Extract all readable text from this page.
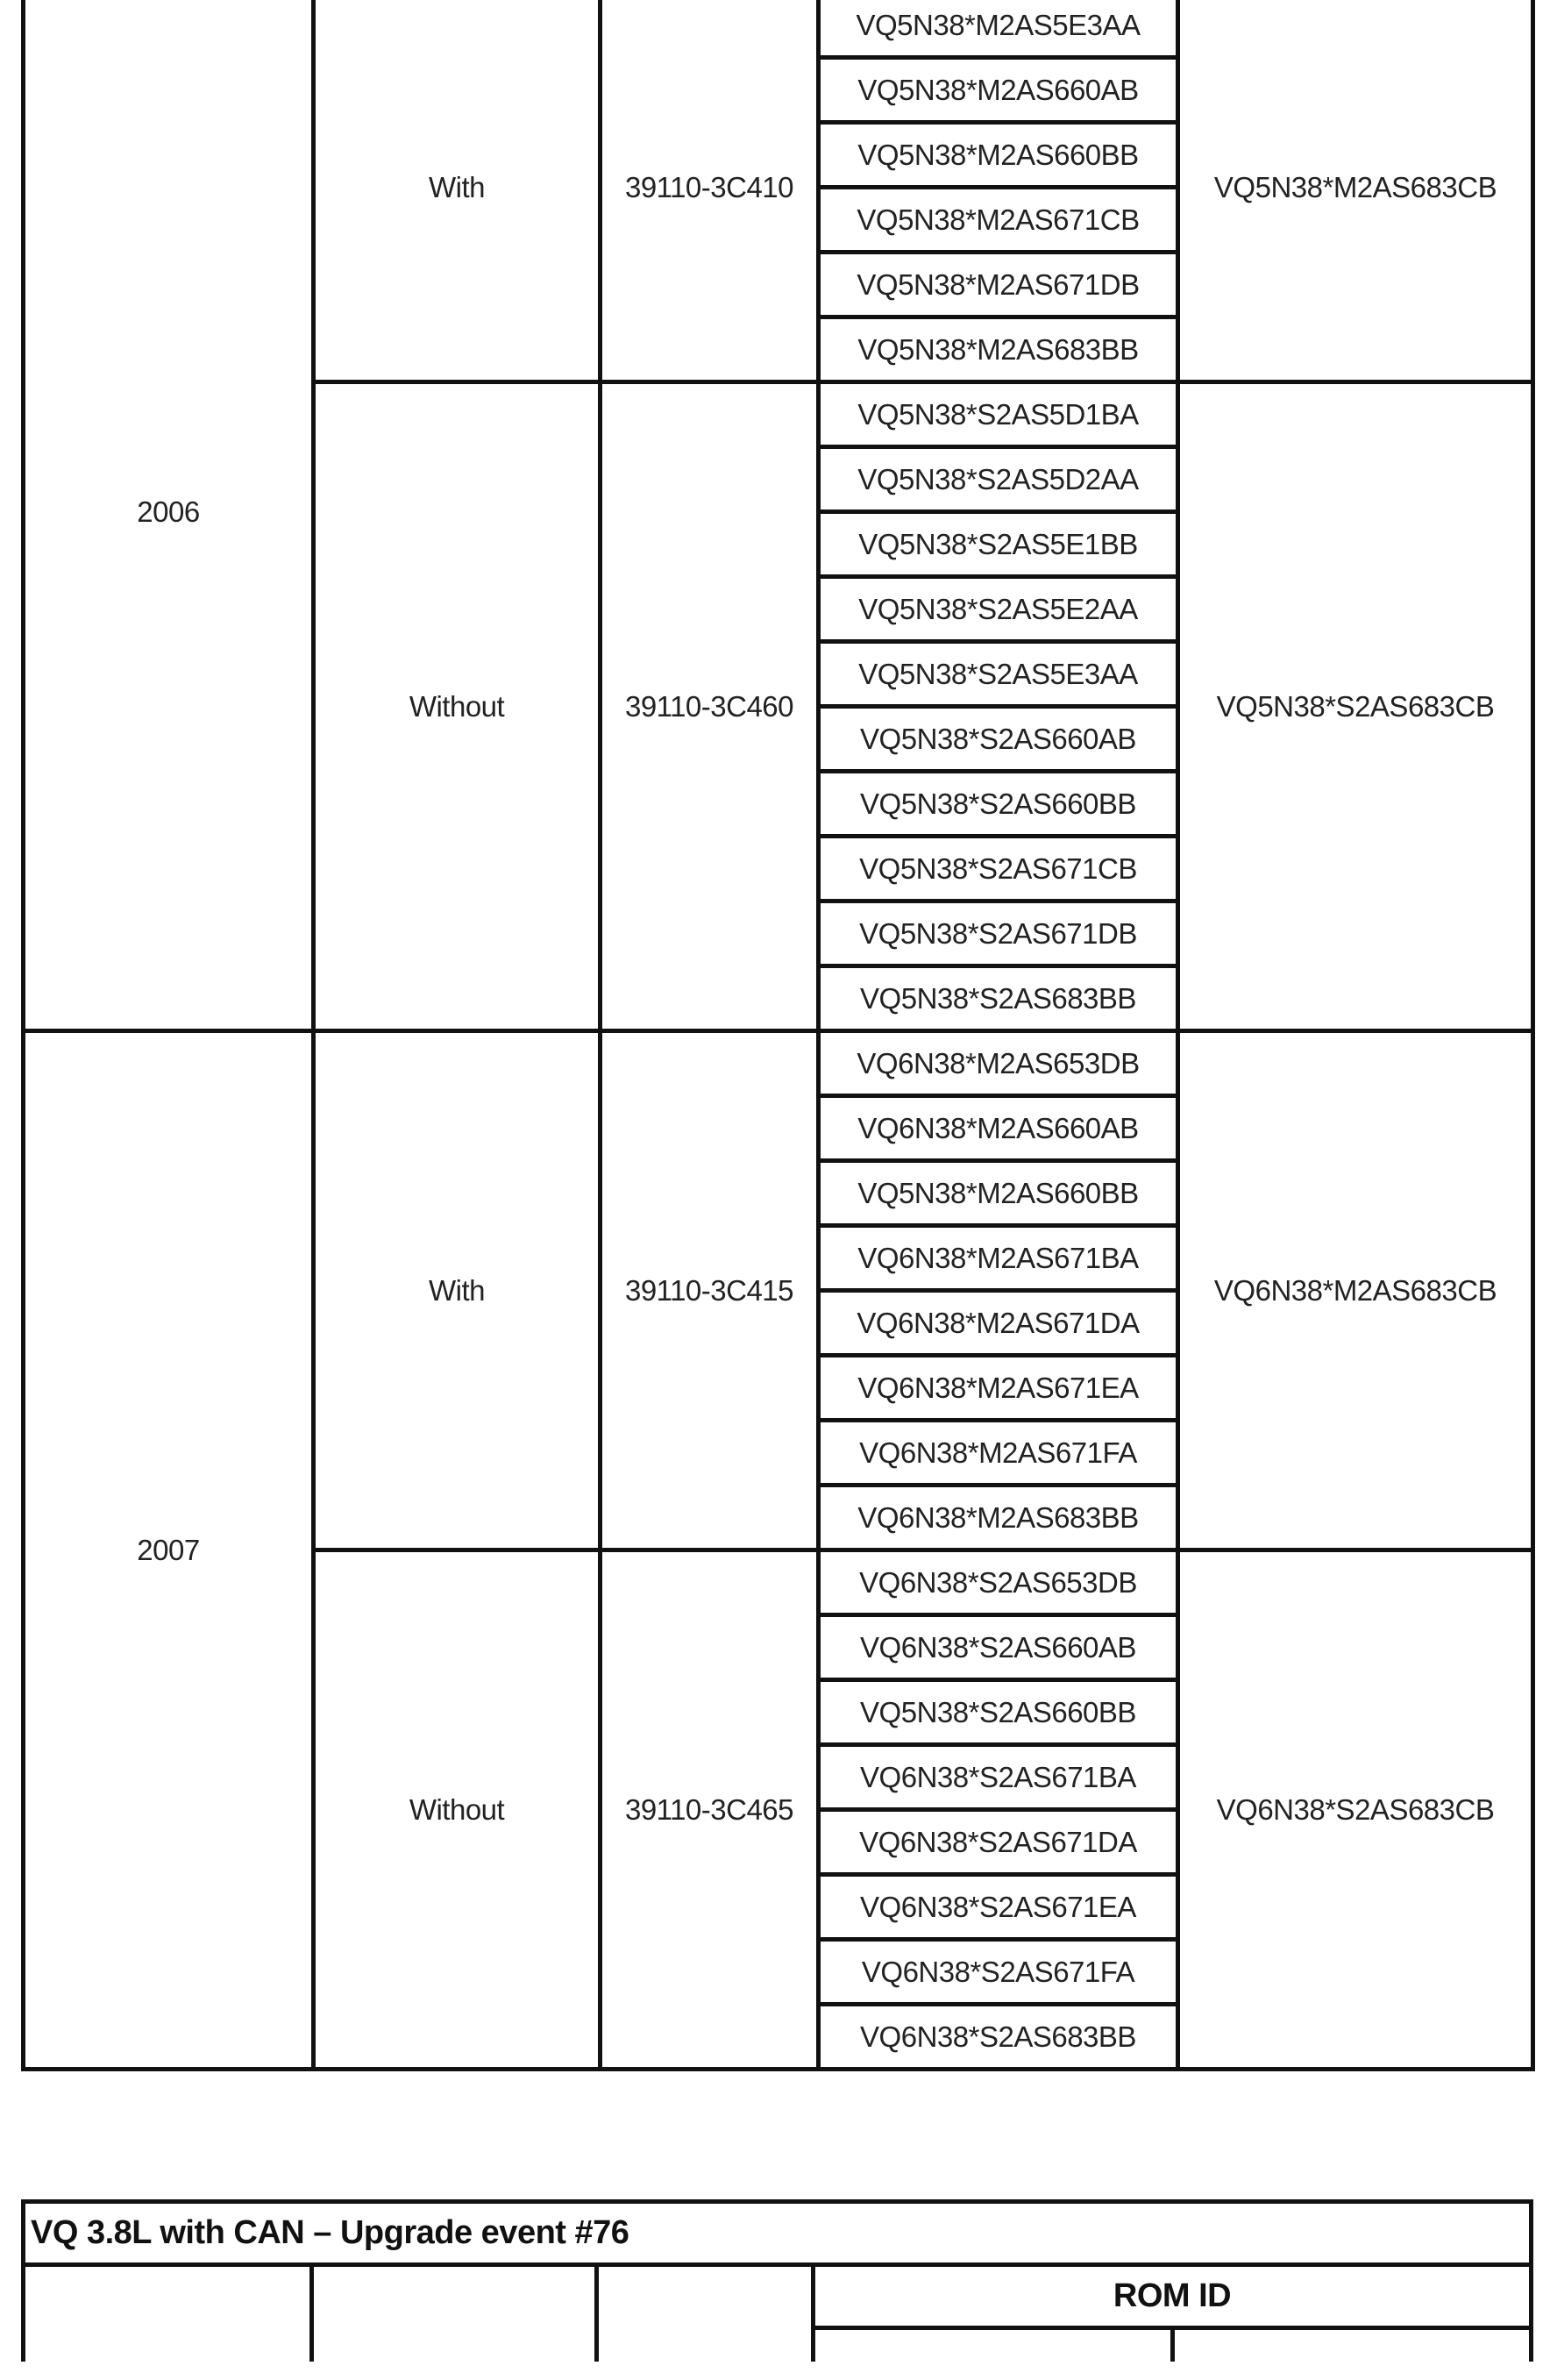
2006	With	39110-3C410	VQ5N38*M2AS5E3AA	VQ5N38*M2AS683CB
			VQ5N38*M2AS660AB	
			VQ5N38*M2AS660BB	
			VQ5N38*M2AS671CB	
			VQ5N38*M2AS671DB	
			VQ5N38*M2AS683BB	
	Without	39110-3C460	VQ5N38*S2AS5D1BA	VQ5N38*S2AS683CB
			VQ5N38*S2AS5D2AA	
			VQ5N38*S2AS5E1BB	
			VQ5N38*S2AS5E2AA	
			VQ5N38*S2AS5E3AA	
			VQ5N38*S2AS660AB	
			VQ5N38*S2AS660BB	
			VQ5N38*S2AS671CB	
			VQ5N38*S2AS671DB	
			VQ5N38*S2AS683BB	
2007	With	39110-3C415	VQ6N38*M2AS653DB	VQ6N38*M2AS683CB
			VQ6N38*M2AS660AB	
			VQ5N38*M2AS660BB	
			VQ6N38*M2AS671BA	
			VQ6N38*M2AS671DA	
			VQ6N38*M2AS671EA	
			VQ6N38*M2AS671FA	
			VQ6N38*M2AS683BB	
	Without	39110-3C465	VQ6N38*S2AS653DB	VQ6N38*S2AS683CB
			VQ6N38*S2AS660AB	
			VQ5N38*S2AS660BB	
			VQ6N38*S2AS671BA	
			VQ6N38*S2AS671DA	
			VQ6N38*S2AS671EA	
			VQ6N38*S2AS671FA	
			VQ6N38*S2AS683BB	
VQ 3.8L with CAN – Upgrade event #76				
			ROM ID	
